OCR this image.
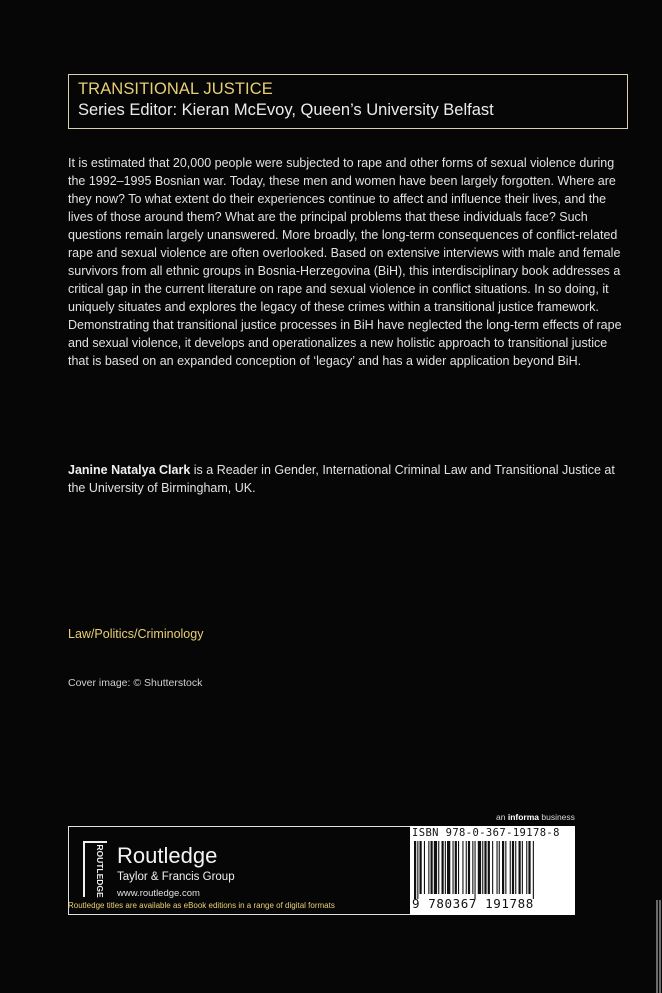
TRANSITIONAL JUSTICE
Series Editor: Kieran McEvoy, Queen’s University Belfast

It is estimated that 20,000 people were subjected to rape and other forms of sexual violence during the 1992–1995 Bosnian war. Today, these men and women have been largely forgotten. Where are they now? To what extent do their experiences continue to affect and influence their lives, and the lives of those around them? What are the principal problems that these individuals face? Such questions remain largely unanswered. More broadly, the long-term consequences of conflict-related rape and sexual violence are often overlooked. Based on extensive interviews with male and female survivors from all ethnic groups in Bosnia-Herzegovina (BiH), this interdisciplinary book addresses a critical gap in the current literature on rape and sexual violence in conflict situations. In so doing, it uniquely situates and explores the legacy of these crimes within a transitional justice framework. Demonstrating that transitional justice processes in BiH have neglected the long-term effects of rape and sexual violence, it develops and operationalizes a new holistic approach to transitional justice that is based on an expanded conception of ‘legacy’ and has a wider application beyond BiH.

Janine Natalya Clark is a Reader in Gender, International Criminal Law and Transitional Justice at the University of Birmingham, UK.

Law/Politics/Criminology
Cover image: © Shutterstock
an informa business
ROUTLEDGE Routledge
Taylor & Francis Group
www.routledge.com
Routledge titles are available as eBook editions in a range of digital formats
ISBN 978-0-367-19178-8
9 780367 191788
